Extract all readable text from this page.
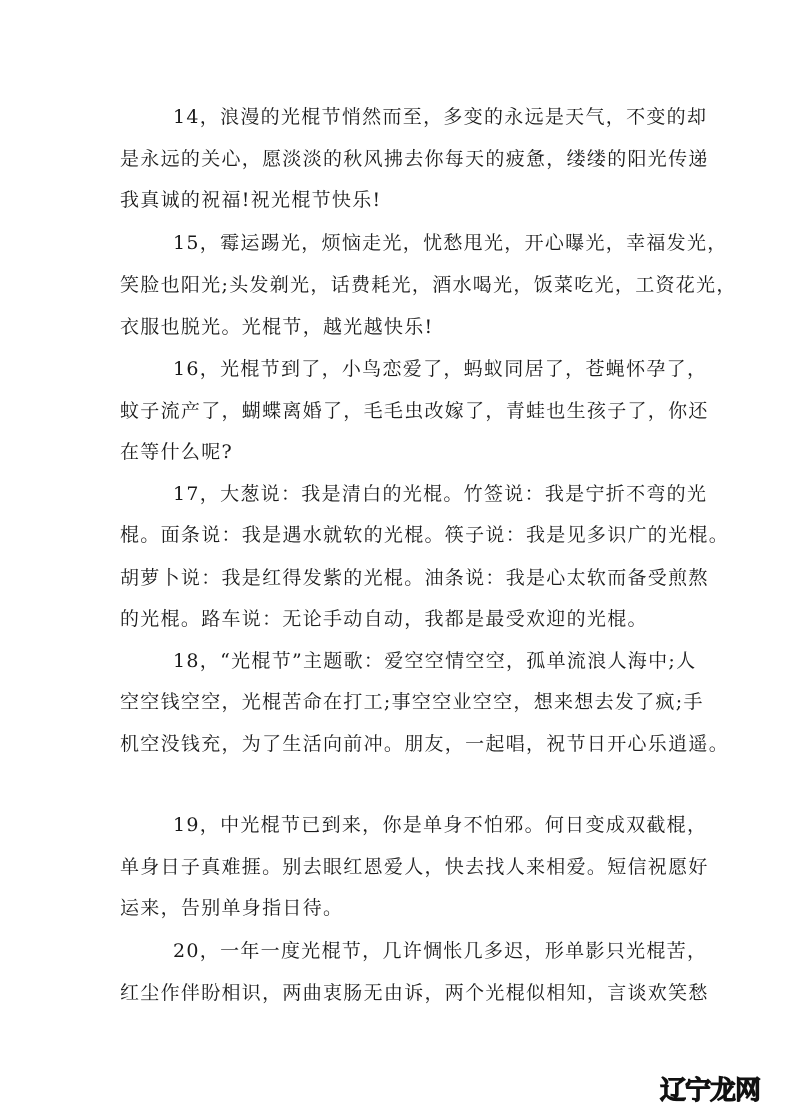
14，浪漫的光棍节悄然而至，多变的永远是天气，不变的却
是永远的关心，愿淡淡的秋风拂去你每天的疲惫，缕缕的阳光传递
我真诚的祝福!祝光棍节快乐!
15，霉运踢光，烦恼走光，忧愁甩光，开心曝光，幸福发光，
笑脸也阳光;头发剃光，话费耗光，酒水喝光，饭菜吃光，工资花光，
衣服也脱光。光棍节，越光越快乐!
16，光棍节到了，小鸟恋爱了，蚂蚁同居了，苍蝇怀孕了，
蚊子流产了，蝴蝶离婚了，毛毛虫改嫁了，青蛙也生孩子了，你还
在等什么呢?
17，大葱说：我是清白的光棍。竹签说：我是宁折不弯的光
棍。面条说：我是遇水就软的光棍。筷子说：我是见多识广的光棍。
胡萝卜说：我是红得发紫的光棍。油条说：我是心太软而备受煎熬
的光棍。路车说：无论手动自动，我都是最受欢迎的光棍。
18，“光棍节”主题歌：爱空空情空空，孤单流浪人海中;人
空空钱空空，光棍苦命在打工;事空空业空空，想来想去发了疯;手
机空没钱充，为了生活向前冲。朋友，一起唱，祝节日开心乐逍遥。
19，中光棍节已到来，你是单身不怕邪。何日变成双截棍，
单身日子真难捱。别去眼红恩爱人，快去找人来相爱。短信祝愿好
运来，告别单身指日待。
20，一年一度光棍节，几许惆怅几多迟，形单影只光棍苦，
红尘作伴盼相识，两曲衷肠无由诉，两个光棍似相知，言谈欢笑愁
辽宁龙网
